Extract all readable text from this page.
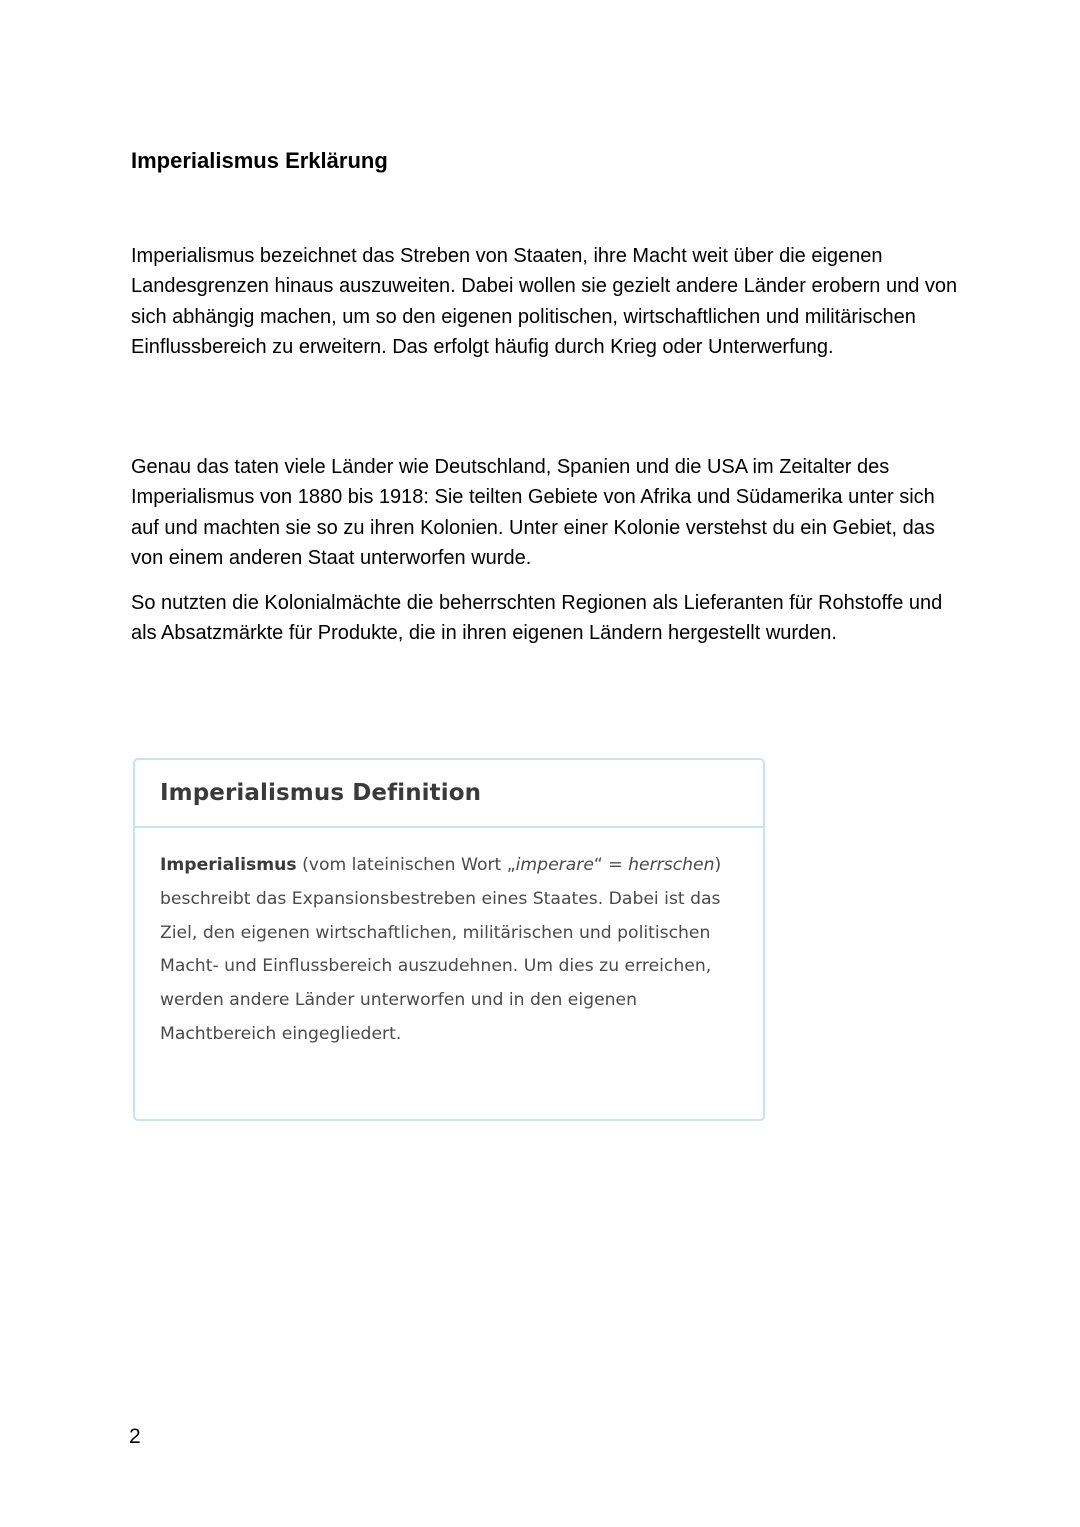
Imperialismus Erklärung

Imperialismus bezeichnet das Streben von Staaten, ihre Macht weit über die eigenen Landesgrenzen hinaus auszuweiten. Dabei wollen sie gezielt andere Länder erobern und von sich abhängig machen, um so den eigenen politischen, wirtschaftlichen und militärischen Einflussbereich zu erweitern. Das erfolgt häufig durch Krieg oder Unterwerfung.

Genau das taten viele Länder wie Deutschland, Spanien und die USA im Zeitalter des Imperialismus von 1880 bis 1918: Sie teilten Gebiete von Afrika und Südamerika unter sich auf und machten sie so zu ihren Kolonien. Unter einer Kolonie verstehst du ein Gebiet, das von einem anderen Staat unterworfen wurde.

So nutzten die Kolonialmächte die beherrschten Regionen als Lieferanten für Rohstoffe und als Absatzmärkte für Produkte, die in ihren eigenen Ländern hergestellt wurden.

Imperialismus Definition

Imperialismus (vom lateinischen Wort „imperare“ = herrschen) beschreibt das Expansionsbestreben eines Staates. Dabei ist das Ziel, den eigenen wirtschaftlichen, militärischen und politischen Macht- und Einflussbereich auszudehnen. Um dies zu erreichen, werden andere Länder unterworfen und in den eigenen Machtbereich eingegliedert.

2
